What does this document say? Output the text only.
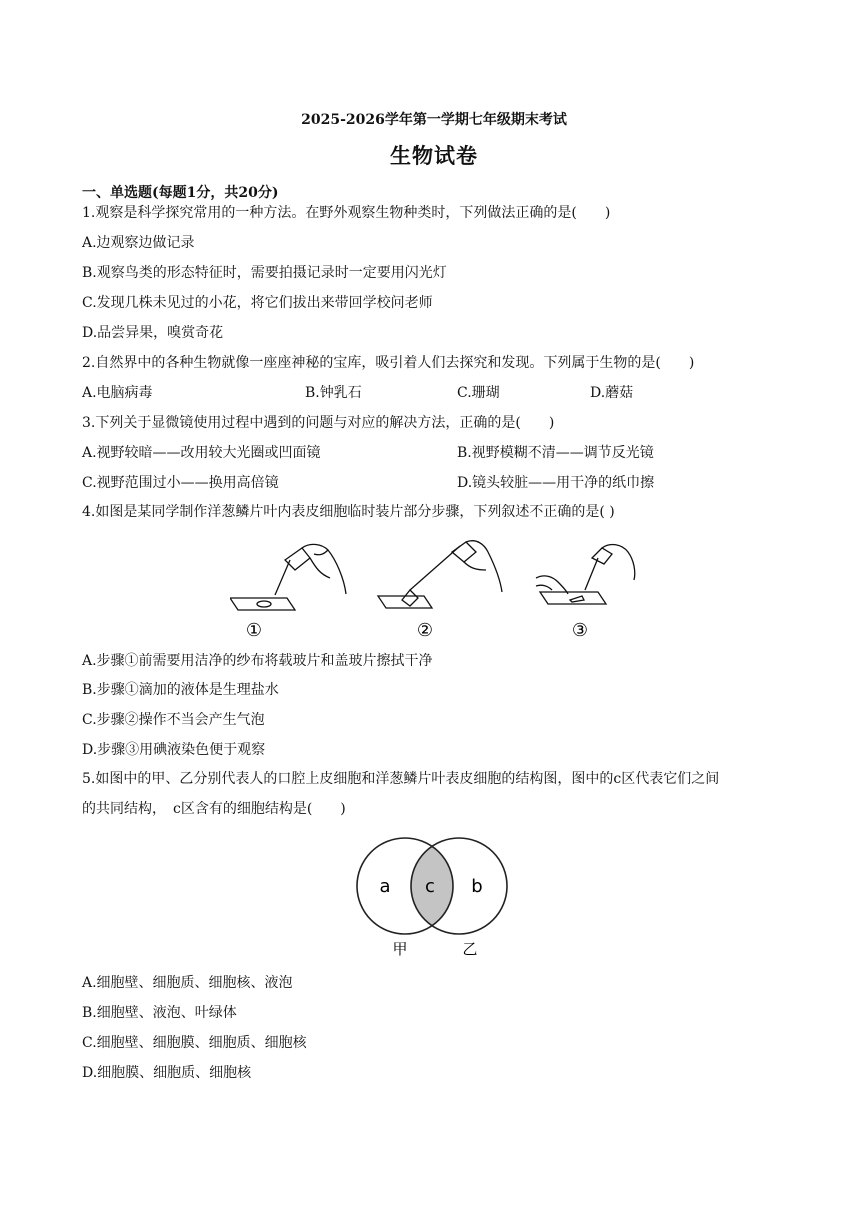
2025-2026学年第一学期七年级期末考试
生物试卷
一、单选题(每题1分，共20分)
1.观察是科学探究常用的一种方法。在野外观察生物种类时，下列做法正确的是(　　)
A.边观察边做记录
B.观察鸟类的形态特征时，需要拍摄记录时一定要用闪光灯
C.发现几株未见过的小花，将它们拔出来带回学校问老师
D.品尝异果，嗅赏奇花
2.自然界中的各种生物就像一座座神秘的宝库，吸引着人们去探究和发现。下列属于生物的是(　　)
A.电脑病毒	B.钟乳石	C.珊瑚	D.蘑菇
3.下列关于显微镜使用过程中遇到的问题与对应的解决方法，正确的是(　　)
A.视野较暗——改用较大光圈或凹面镜	B.视野模糊不清——调节反光镜
C.视野范围过小——换用高倍镜	D.镜头较脏——用干净的纸巾擦
4.如图是某同学制作洋葱鳞片叶内表皮细胞临时装片部分步骤，下列叙述不正确的是( )
①	②	③
A.步骤①前需要用洁净的纱布将载玻片和盖玻片擦拭干净
B.步骤①滴加的液体是生理盐水
C.步骤②操作不当会产生气泡
D.步骤③用碘液染色便于观察
5.如图中的甲、乙分别代表人的口腔上皮细胞和洋葱鳞片叶表皮细胞的结构图，图中的c区代表它们之间
的共同结构，　c区含有的细胞结构是(　　)
a c b
甲	乙
A.细胞壁、细胞质、细胞核、液泡
B.细胞壁、液泡、叶绿体
C.细胞壁、细胞膜、细胞质、细胞核
D.细胞膜、细胞质、细胞核
